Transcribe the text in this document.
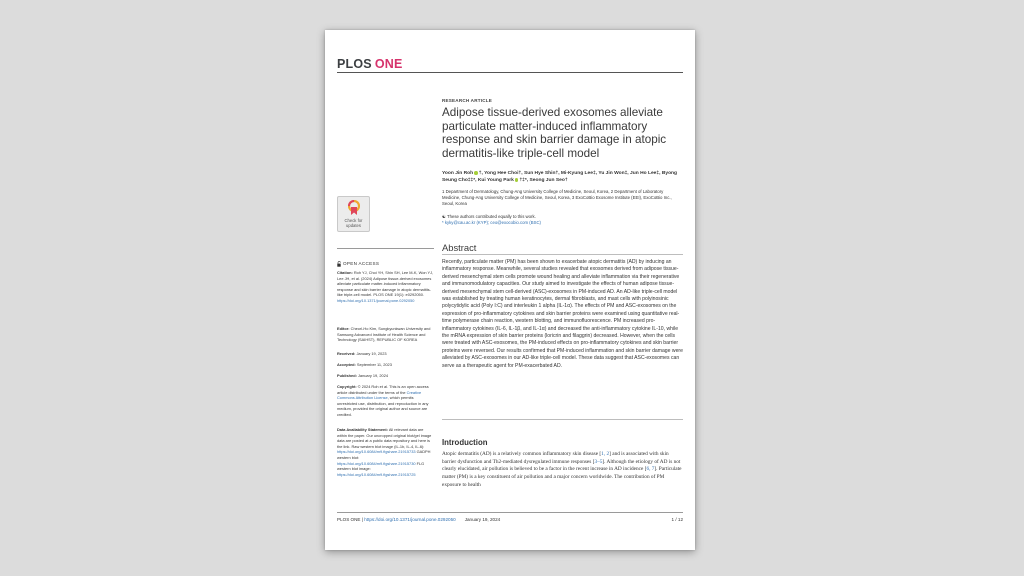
PLOS ONE
RESEARCH ARTICLE
Adipose tissue-derived exosomes alleviate particulate matter-induced inflammatory response and skin barrier damage in atopic dermatitis-like triple-cell model
Yoon Jin Roh †, Yong Hee Choi†, Sun Hye Shin†, Mi-Kyung Lee‡, Yu Jin Won‡, Jun Ho Lee‡, Byong Seung Cho‡‡*, Kui Young Park †‡*, Seong Jun Seo†
1 Department of Dermatology, Chung-Ang University College of Medicine, Seoul, Korea, 2 Department of Laboratory Medicine, Chung-Ang University College of Medicine, Seoul, Korea, 3 ExoCoBio Exosome Institute (EEI), ExoCoBio Inc., Seoul, Korea
☯ These authors contributed equally to this work.
* kyky@cau.ac.kr (KYP); ceo@exocobio.com (BSC)
Abstract

Recently, particulate matter (PM) has been shown to exacerbate atopic dermatitis (AD) by inducing an inflammatory response. Meanwhile, several studies revealed that exosomes derived from adipose tissue-derived mesenchymal stem cells promote wound healing and alleviate inflammation via their regenerative and immunomodulatory capacities. Our study aimed to investigate the effects of human adipose tissue-derived mesenchymal stem cell-derived (ASC)-exosomes in PM-induced AD. An AD-like triple-cell model was established by treating human keratinocytes, dermal fibroblasts, and mast cells with polyinosinic polycytidylic acid (Poly I:C) and interleukin 1 alpha (IL-1α). The effects of PM and ASC-exosomes on the expression of pro-inflammatory cytokines and skin barrier proteins were examined using quantitative real-time polymerase chain reaction, western blotting, and immunofluorescence. PM increased pro-inflammatory cytokines (IL-6, IL-1β, and IL-1α) and decreased the anti-inflammatory cytokine IL-10, while the mRNA expression of skin barrier proteins (loricrin and filaggrin) decreased. However, when the cells were treated with ASC-exosomes, the PM-induced effects on pro-inflammatory cytokines and skin barrier proteins were reversed. Our results confirmed that PM-induced inflammation and skin barrier damage were alleviated by ASC-exosomes in our AD-like triple-cell model. These data suggest that ASC-exosomes can serve as a therapeutic agent for PM-exacerbated AD.

Introduction

Atopic dermatitis (AD) is a relatively common inflammatory skin disease [1, 2] and is associated with skin barrier dysfunction and Th2-mediated dysregulated immune responses [3–5]. Although the etiology of AD is not clearly elucidated, air pollution is believed to be a factor in the recent increase in AD incidence [6, 7]. Particulate matter (PM) is a key constituent of air pollution and a major concern worldwide. The contribution of PM exposure to health

Check for updates
OPEN ACCESS
Citation: Roh YJ, Choi YH, Shin SH, Lee M-K, Won YJ, Lee JH, et al. (2024) Adipose tissue-derived exosomes alleviate particulate matter-induced inflammatory response and skin barrier damage in atopic dermatitis-like triple-cell model. PLOS ONE 19(1): e0292050. https://doi.org/10.1371/journal.pone.0292050
Editor: Cheorl-Ho Kim, Sungkyunkwan University and Samsung Advanced Institute of Health Science and Technology (SAIHST), REPUBLIC OF KOREA
Received: January 19, 2023
Accepted: September 11, 2023
Published: January 19, 2024
Copyright: © 2024 Roh et al. This is an open access article distributed under the terms of the Creative Commons Attribution License, which permits unrestricted use, distribution, and reproduction in any medium, provided the original author and source are credited.
Data Availability Statement: All relevant data are within the paper. Our uncropped original blot/gel image data are posted at a public data repository and here is the link. Raw western blot image (IL-1b, IL-4, IL-6): https://doi.org/10.6084/m9.figshare.21915733 GADPH western blot: https://doi.org/10.6084/m9.figshare.21915730 FLG western blot image: https://doi.org/10.6084/m9.figshare.21915725
PLOS ONE | https://doi.org/10.1371/journal.pone.0292050 January 19, 2024	1 / 12
